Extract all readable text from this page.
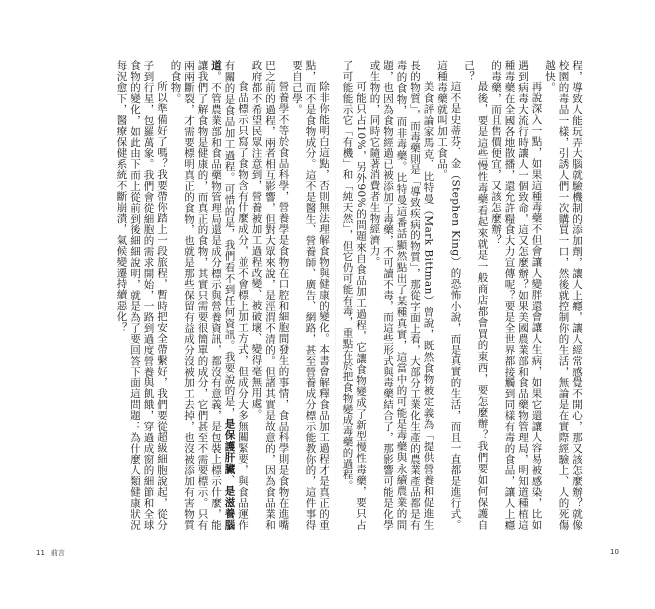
程，導致人能玩弄大腦就驗機制的添加劑，讓人上癮，讓人經常感覺不開心，那又該怎麼辦？就像校園的毒品一樣，引誘人們一次購買一口，然後就控制你的生活，無論是在實際經驗上、人的死傷越快。

再說深入一點，如果這種毒藥不但會讓人變胖還會讓人生病，如果它還讓人容易被感染，比如遇到病毒大流行時讓人一個致命，這又怎麼辦？如果美國農業部和食品藥物管理局，明知道種植這種毒藥在全國各地散播，還允許糧食大力宣傳呢？要是全世界都接觸到同樣有毒的食品，讓人上癮的毒藥，而且售價便宜，又該怎麼辦？

最後，要是這些慢性毒藥看起來就是一般商店都會買的東西，要怎麼辦？我們要如何保護自己？

這不是史蒂芬．金（Stephen King）的恐怖小說，而是真實的生活，而且一直都是進行式。這種毒藥就叫加工食品。

美食評論家馬克．比特曼（Mark Bittman）曾說，既然食物被定義為「提供營養和促進生長的物質」，而毒藥則是「導致疾病的物質」，那從字面上看，大部分工業化生產的農業產品都是有毒的食物，而非毒藥。比特曼這番話顯然點出了某種真實，這當中的可能是毒藥與永續農業的問題，也因為食物經過已被添加了毒藥，不可讀不毒，而這些形式與毒藥結合了，那影響可能是化學或生物的，同時它隨著消費者生物經濟力。

可能只占10%，另外90%的問題來自食品加工過程，它讓食物變成了新型慢性毒藥，要只占了可能能示它「有機」和「純天然」，但它仍可能有毒，重點在於把食物變成毒藥的過程。

除非你能明白這點，否則無法理解食物與健康的變化。本書會解釋食品加工過程才是真正的重點，而不是食物成分。這不是醫生、營養師、廣告、網路，甚至營養成分標示能教你的，這件事得要自己學。

營養學不等於食品科學，營養學是食物在口腔和細胞間發生的事情，食品科學則是食物在進嘴巴之前的過程，兩者相互影響，但對大眾來說，是涇渭不清的。但諸其實是故意的，因為食品業和政府都不希望民眾注意到，營養被加工過程改變、被破壞、變得毫無用處。

食品標示只寫了食物含有什麼成分，並不會標上加工方式，但成分大多無關緊要，與食品運作有關的是食品加工過程。可惜的是，我們看不到任何資訊。我要說的是，是保護肝臟、是滋養腦道。不管農業部和食品藥物管理局還是成分標示與營養資訊，都沒有意義，是包裝上標示什麼，能讓我們了解食物是健康的，而真正的食物，其實只需要很簡單的成分，它們甚至不需要標示。只有兩兩斷裂，才需要標明真正的食物，也就是那些保留有益成分沒被加工去掉，也沒被添加有害物質的食物。

所以準備好了嗎？我要帶你踏上一段旅程，暫時把安全帶繫好，我們要從超級細胞說起，從分子到行星，包羅萬象。我們會從細胞的需求開始，一路到過度營養與飢餓，穿過成窗的細節和全球食物的變化，如此由下而上從前到後細細說明，就是為了要回答下面這問題：為什麼人類健康狀況每況愈下，醫療保健系統不斷崩潰，氣候變遷持續惡化？

11 前言	10
